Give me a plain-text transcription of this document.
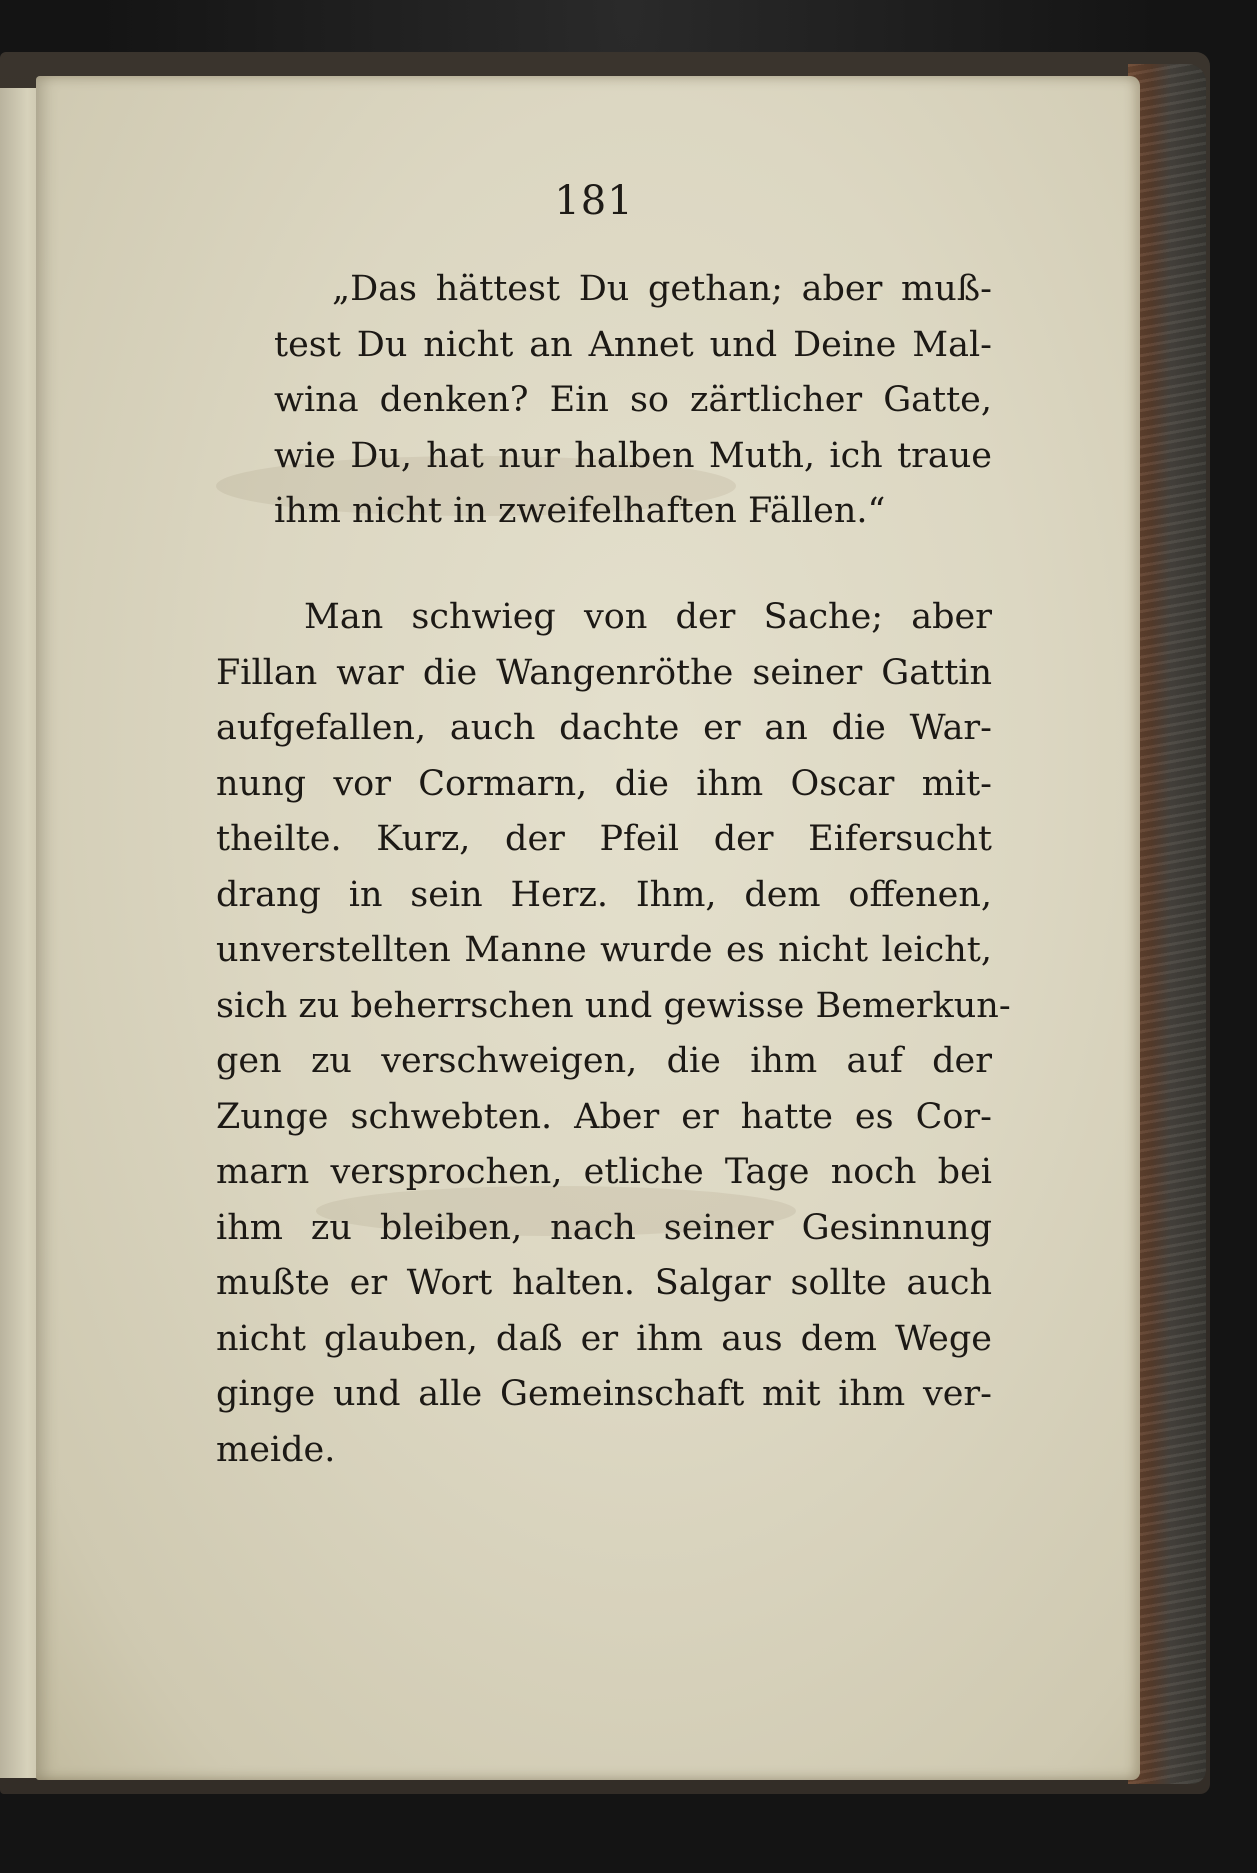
181
„Das hättest Du gethan; aber muß-
test Du nicht an Annet und Deine Mal-
wina denken? Ein so zärtlicher Gatte,
wie Du, hat nur halben Muth, ich traue
ihm nicht in zweifelhaften Fällen.“
Man schwieg von der Sache; aber
Fillan war die Wangenröthe seiner Gattin
aufgefallen, auch dachte er an die War-
nung vor Cormarn, die ihm Oscar mit-
theilte. Kurz, der Pfeil der Eifersucht
drang in sein Herz. Ihm, dem offenen,
unverstellten Manne wurde es nicht leicht,
sich zu beherrschen und gewisse Bemerkun-
gen zu verschweigen, die ihm auf der
Zunge schwebten. Aber er hatte es Cor-
marn versprochen, etliche Tage noch bei
ihm zu bleiben, nach seiner Gesinnung
mußte er Wort halten. Salgar sollte auch
nicht glauben, daß er ihm aus dem Wege
ginge und alle Gemeinschaft mit ihm ver-
meide.
